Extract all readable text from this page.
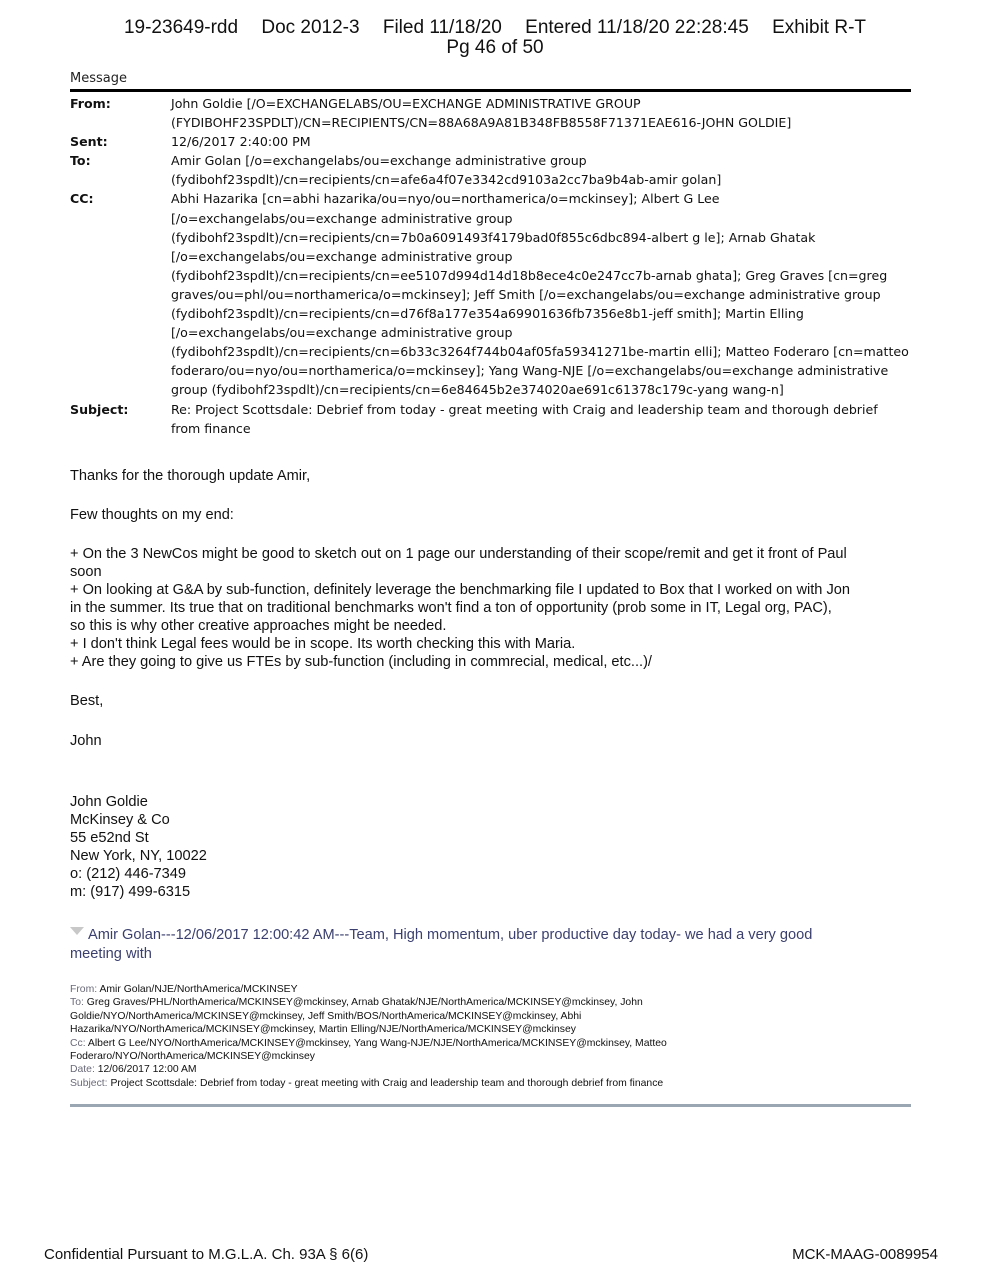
19-23649-rdd Doc 2012-3 Filed 11/18/20 Entered 11/18/20 22:28:45 Exhibit R-T
Pg 46 of 50
Message
From:	John Goldie [/O=EXCHANGELABS/OU=EXCHANGE ADMINISTRATIVE GROUP
(FYDIBOHF23SPDLT)/CN=RECIPIENTS/CN=88A68A9A81B348FB8558F71371EAE616-JOHN GOLDIE]
Sent:	12/6/2017 2:40:00 PM
To:	Amir Golan [/o=exchangelabs/ou=exchange administrative group
(fydibohf23spdlt)/cn=recipients/cn=afe6a4f07e3342cd9103a2cc7ba9b4ab-amir golan]
CC:	Abhi Hazarika [cn=abhi hazarika/ou=nyo/ou=northamerica/o=mckinsey]; Albert G Lee
[/o=exchangelabs/ou=exchange administrative group
(fydibohf23spdlt)/cn=recipients/cn=7b0a6091493f4179bad0f855c6dbc894-albert g le]; Arnab Ghatak
[/o=exchangelabs/ou=exchange administrative group
(fydibohf23spdlt)/cn=recipients/cn=ee5107d994d14d18b8ece4c0e247cc7b-arnab ghata]; Greg Graves [cn=greg
graves/ou=phl/ou=northamerica/o=mckinsey]; Jeff Smith [/o=exchangelabs/ou=exchange administrative group
(fydibohf23spdlt)/cn=recipients/cn=d76f8a177e354a69901636fb7356e8b1-jeff smith]; Martin Elling
[/o=exchangelabs/ou=exchange administrative group
(fydibohf23spdlt)/cn=recipients/cn=6b33c3264f744b04af05fa59341271be-martin elli]; Matteo Foderaro [cn=matteo
foderaro/ou=nyo/ou=northamerica/o=mckinsey]; Yang Wang-NJE [/o=exchangelabs/ou=exchange administrative
group (fydibohf23spdlt)/cn=recipients/cn=6e84645b2e374020ae691c61378c179c-yang wang-n]
Subject:	Re: Project Scottsdale: Debrief from today - great meeting with Craig and leadership team and thorough debrief
from finance
Thanks for the thorough update Amir,
Few thoughts on my end:

+ On the 3 NewCos might be good to sketch out on 1 page our understanding of their scope/remit and get it front of Paul
soon

+ On looking at G&A by sub-function, definitely leverage the benchmarking file I updated to Box that I worked on with Jon
in the summer. Its true that on traditional benchmarks won't find a ton of opportunity (prob some in IT, Legal org, PAC),
so this is why other creative approaches might be needed.

+ I don't think Legal fees would be in scope. Its worth checking this with Maria.

+ Are they going to give us FTEs by sub-function (including in commrecial, medical, etc...)/

Best,
John
John Goldie
McKinsey & Co
55 e52nd St
New York, NY, 10022
o: (212) 446-7349
m: (917) 499-6315
Amir Golan---12/06/2017 12:00:42 AM---Team, High momentum, uber productive day today- we had a very good
meeting with
From: Amir Golan/NJE/NorthAmerica/MCKINSEY
To: Greg Graves/PHL/NorthAmerica/MCKINSEY@mckinsey, Arnab Ghatak/NJE/NorthAmerica/MCKINSEY@mckinsey, John
Goldie/NYO/NorthAmerica/MCKINSEY@mckinsey, Jeff Smith/BOS/NorthAmerica/MCKINSEY@mckinsey, Abhi
Hazarika/NYO/NorthAmerica/MCKINSEY@mckinsey, Martin Elling/NJE/NorthAmerica/MCKINSEY@mckinsey
Cc: Albert G Lee/NYO/NorthAmerica/MCKINSEY@mckinsey, Yang Wang-NJE/NJE/NorthAmerica/MCKINSEY@mckinsey, Matteo
Foderaro/NYO/NorthAmerica/MCKINSEY@mckinsey
Date: 12/06/2017 12:00 AM
Subject: Project Scottsdale: Debrief from today - great meeting with Craig and leadership team and thorough debrief from finance
Confidential Pursuant to M.G.L.A. Ch. 93A § 6(6)	MCK-MAAG-0089954
